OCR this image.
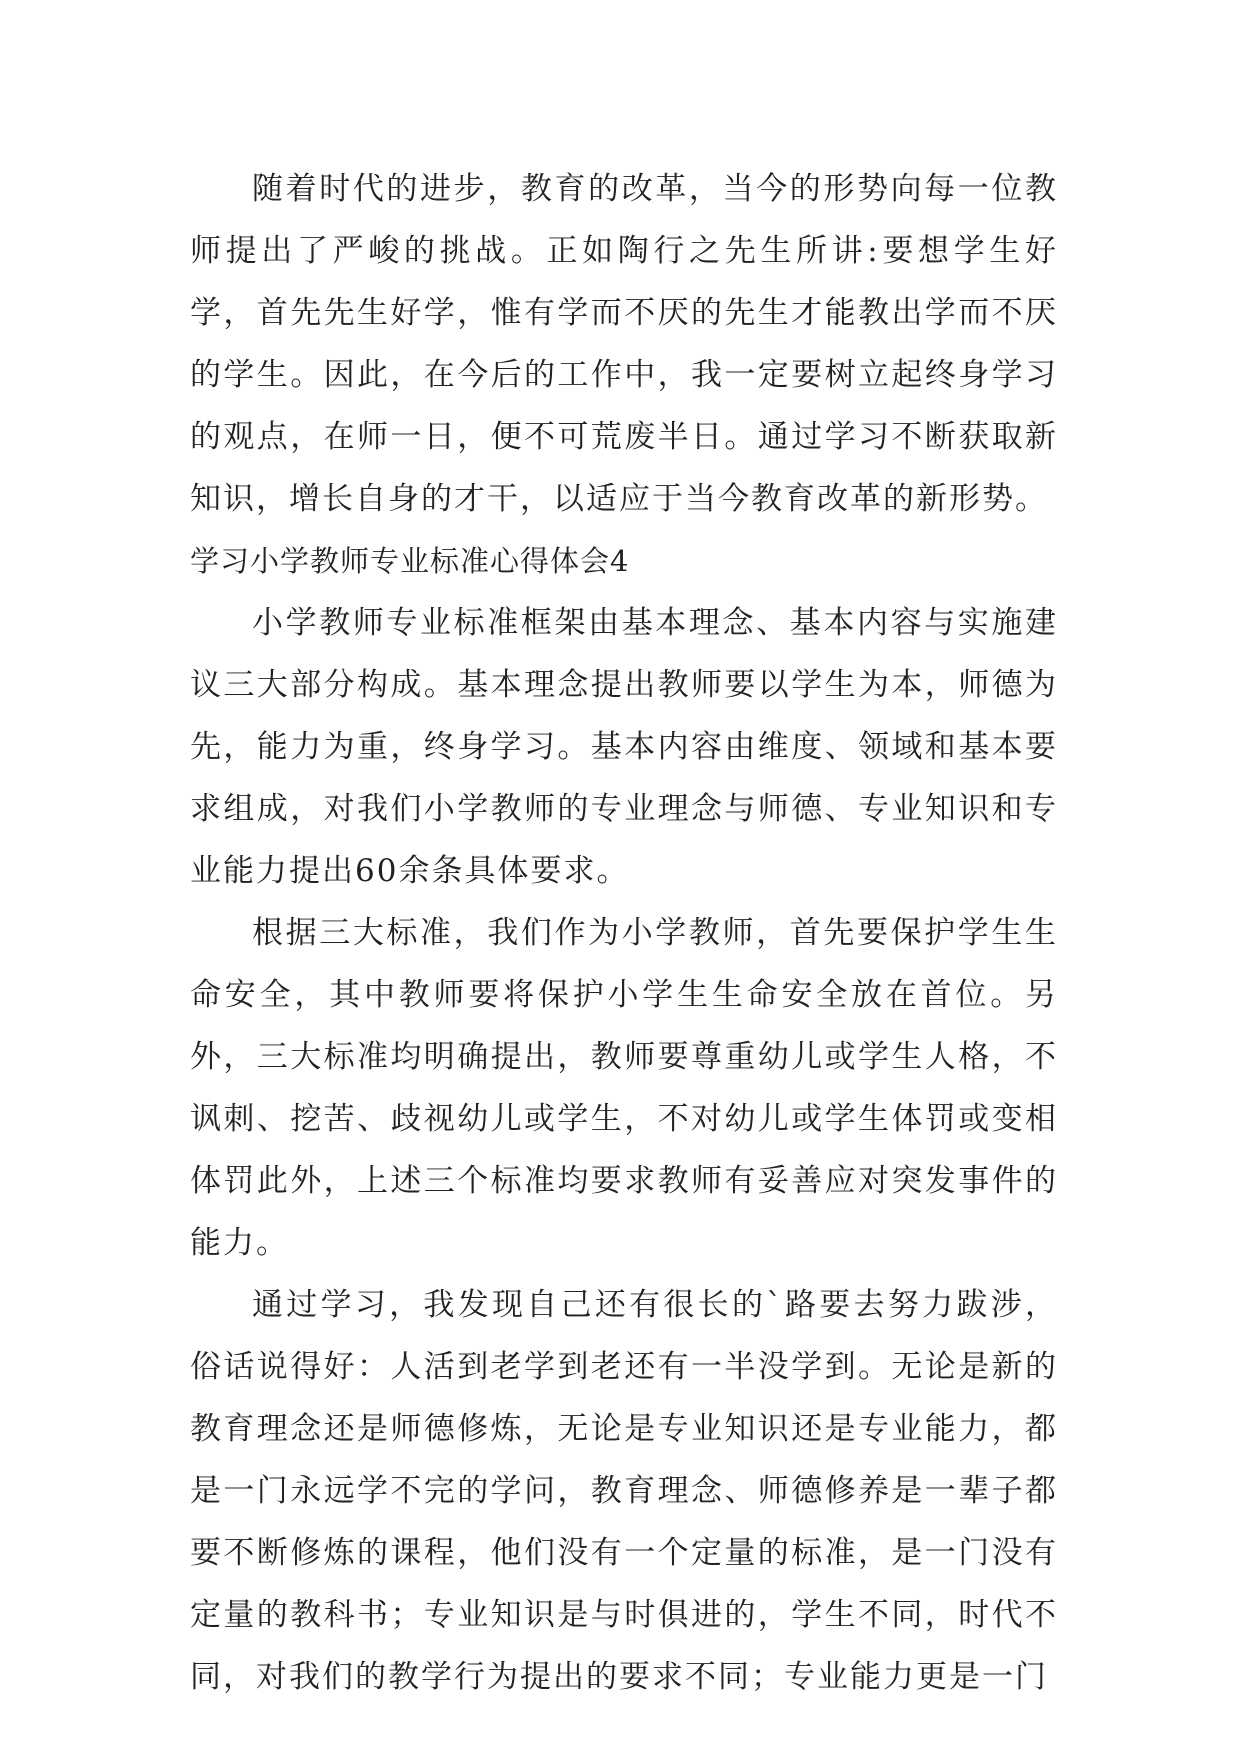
随着时代的进步，教育的改革，当今的形势向每一位教师提出了严峻的挑战。正如陶行之先生所讲:要想学生好学，首先先生好学，惟有学而不厌的先生才能教出学而不厌的学生。因此，在今后的工作中，我一定要树立起终身学习的观点，在师一日，便不可荒废半日。通过学习不断获取新知识，增长自身的才干，以适应于当今教育改革的新形势。

学习小学教师专业标准心得体会4

小学教师专业标准框架由基本理念、基本内容与实施建议三大部分构成。基本理念提出教师要以学生为本，师德为先，能力为重，终身学习。基本内容由维度、领域和基本要求组成，对我们小学教师的专业理念与师德、专业知识和专业能力提出60余条具体要求。

根据三大标准，我们作为小学教师，首先要保护学生生命安全，其中教师要将保护小学生生命安全放在首位。另外，三大标准均明确提出，教师要尊重幼儿或学生人格，不讽刺、挖苦、歧视幼儿或学生，不对幼儿或学生体罚或变相体罚此外，上述三个标准均要求教师有妥善应对突发事件的能力。

通过学习，我发现自己还有很长的`路要去努力跋涉，俗话说得好：人活到老学到老还有一半没学到。无论是新的教育理念还是师德修炼，无论是专业知识还是专业能力，都是一门永远学不完的学问，教育理念、师德修养是一辈子都要不断修炼的课程，他们没有一个定量的标准，是一门没有定量的教科书；专业知识是与时俱进的，学生不同，时代不同，对我们的教学行为提出的要求不同；专业能力更是一门
